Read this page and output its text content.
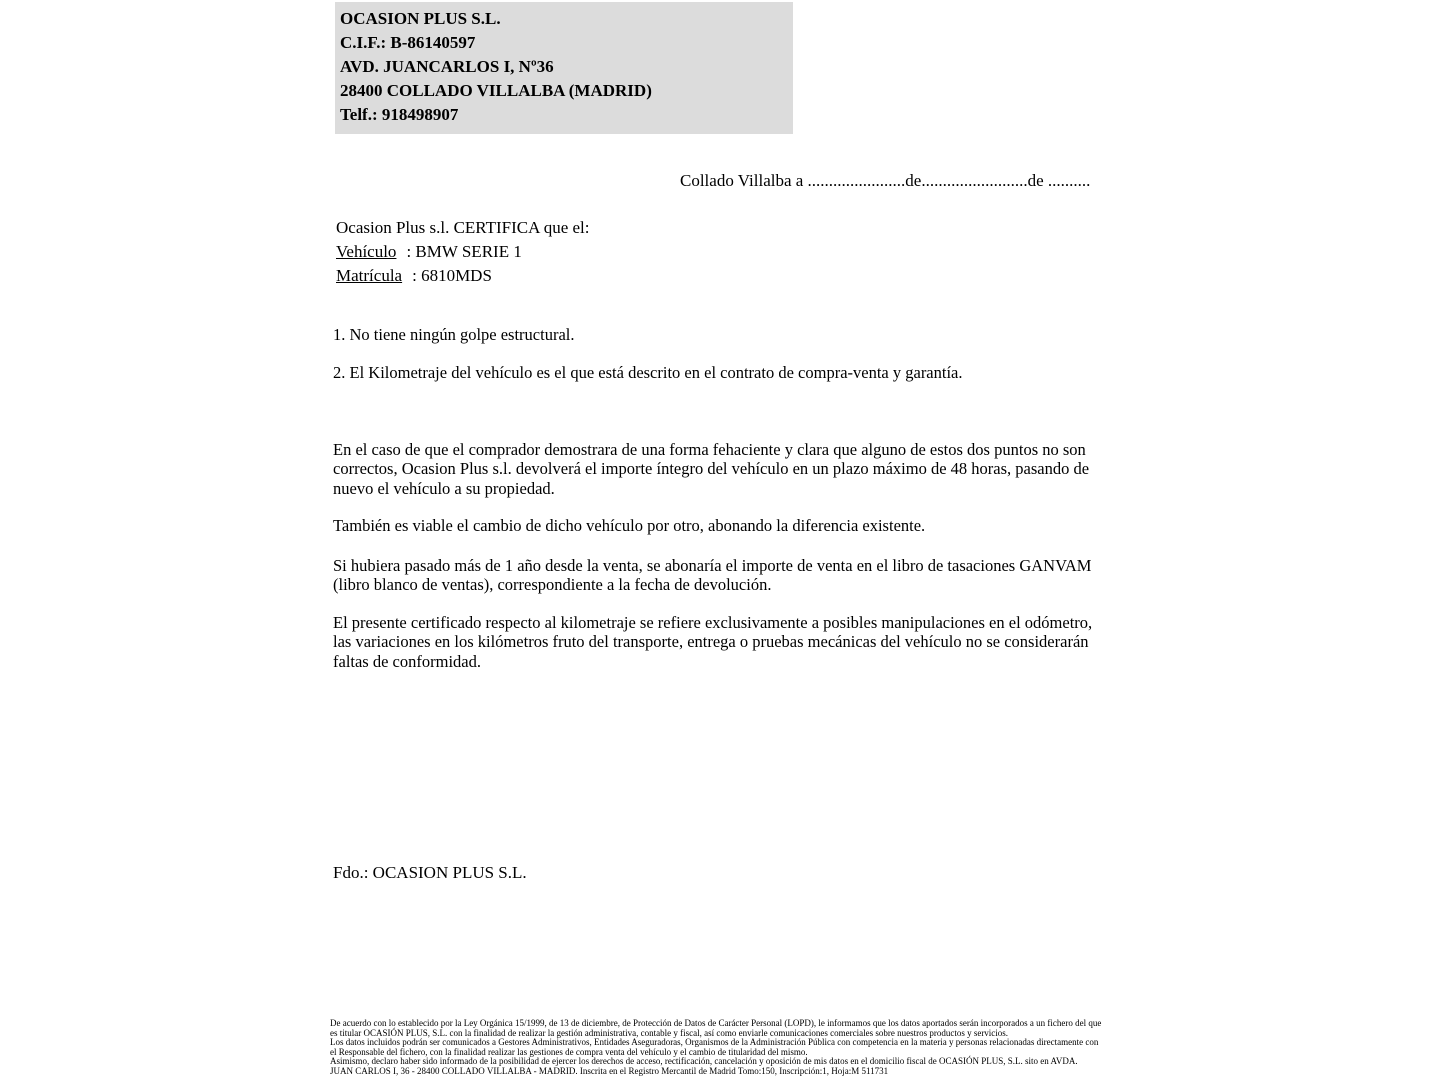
OCASION PLUS S.L.
C.I.F.: B-86140597
AVD. JUANCARLOS I, Nº36
28400 COLLADO VILLALBA (MADRID)
Telf.: 918498907
Collado Villalba a .......................de.........................de ..........
Ocasion Plus s.l. CERTIFICA que el:
Vehículo : BMW SERIE 1
Matrícula : 6810MDS
1. No tiene ningún golpe estructural.
2. El Kilometraje del vehículo es el que está descrito en el contrato de compra-venta y garantía.
En el caso de que el comprador demostrara de una forma fehaciente y clara que alguno de estos dos puntos no son correctos, Ocasion Plus s.l. devolverá el importe íntegro del vehículo en un plazo máximo de 48 horas, pasando de nuevo el vehículo a su propiedad.
También es viable el cambio de dicho vehículo por otro, abonando la diferencia existente.
Si hubiera pasado más de 1 año desde la venta, se abonaría el importe de venta en el libro de tasaciones GANVAM (libro blanco de ventas), correspondiente a la fecha de devolución.
El presente certificado respecto al kilometraje se refiere exclusivamente a posibles manipulaciones en el odómetro, las variaciones en los kilómetros fruto del transporte, entrega o pruebas mecánicas del vehículo no se considerarán faltas de conformidad.
Fdo.: OCASION PLUS S.L.

De acuerdo con lo establecido por la Ley Orgánica 15/1999, de 13 de diciembre, de Protección de Datos de Carácter Personal (LOPD), le informamos que los datos aportados serán incorporados a un fichero del que es titular OCASIÓN PLUS, S.L. con la finalidad de realizar la gestión administrativa, contable y fiscal, así como enviarle comunicaciones comerciales sobre nuestros productos y servicios.

Los datos incluidos podrán ser comunicados a Gestores Administrativos, Entidades Aseguradoras, Organismos de la Administración Pública con competencia en la materia y personas relacionadas directamente con el Responsable del fichero, con la finalidad realizar las gestiones de compra venta del vehículo y el cambio de titularidad del mismo.

Asimismo, declaro haber sido informado de la posibilidad de ejercer los derechos de acceso, rectificación, cancelación y oposición de mis datos en el domicilio fiscal de OCASIÓN PLUS, S.L. sito en AVDA. JUAN CARLOS I, 36 - 28400 COLLADO VILLALBA - MADRID. Inscrita en el Registro Mercantil de Madrid Tomo:150, Inscripción:1, Hoja:M 511731
